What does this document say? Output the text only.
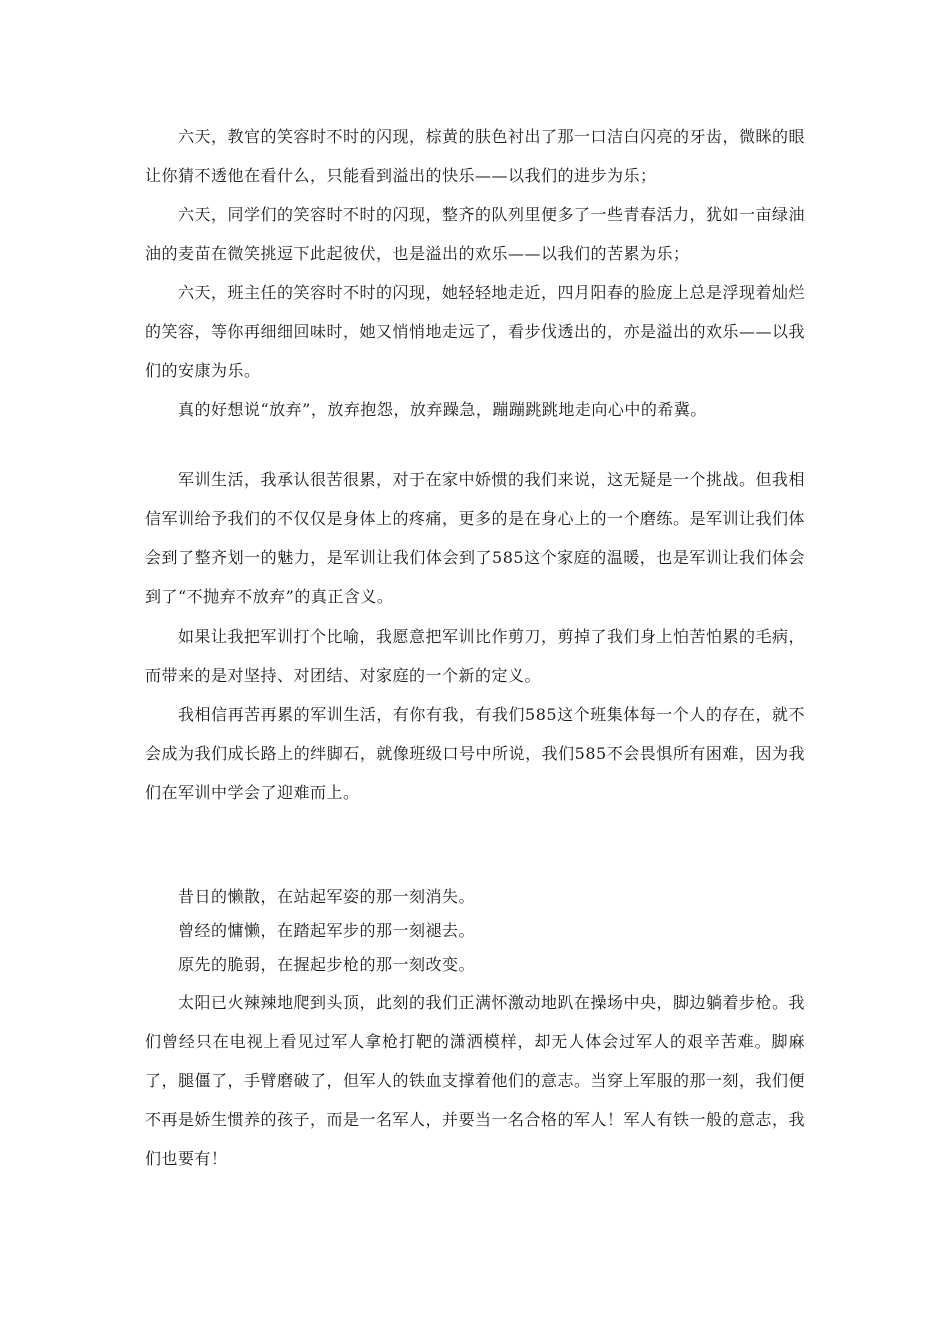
六天，教官的笑容时不时的闪现，棕黄的肤色衬出了那一口洁白闪亮的牙齿，微眯的眼让你猜不透他在看什么，只能看到溢出的快乐——以我们的进步为乐；

六天，同学们的笑容时不时的闪现，整齐的队列里便多了一些青春活力，犹如一亩绿油油的麦苗在微笑挑逗下此起彼伏，也是溢出的欢乐——以我们的苦累为乐；

六天，班主任的笑容时不时的闪现，她轻轻地走近，四月阳春的脸庞上总是浮现着灿烂的笑容，等你再细细回味时，她又悄悄地走远了，看步伐透出的，亦是溢出的欢乐——以我们的安康为乐。

真的好想说“放弃”，放弃抱怨，放弃躁急，蹦蹦跳跳地走向心中的希冀。

军训生活，我承认很苦很累，对于在家中娇惯的我们来说，这无疑是一个挑战。但我相信军训给予我们的不仅仅是身体上的疼痛，更多的是在身心上的一个磨练。是军训让我们体会到了整齐划一的魅力，是军训让我们体会到了585这个家庭的温暖，也是军训让我们体会到了“不抛弃不放弃”的真正含义。

如果让我把军训打个比喻，我愿意把军训比作剪刀，剪掉了我们身上怕苦怕累的毛病，而带来的是对坚持、对团结、对家庭的一个新的定义。

我相信再苦再累的军训生活，有你有我，有我们585这个班集体每一个人的存在，就不会成为我们成长路上的绊脚石，就像班级口号中所说，我们585不会畏惧所有困难，因为我们在军训中学会了迎难而上。

昔日的懒散，在站起军姿的那一刻消失。

曾经的慵懒，在踏起军步的那一刻褪去。

原先的脆弱，在握起步枪的那一刻改变。

太阳已火辣辣地爬到头顶，此刻的我们正满怀激动地趴在操场中央，脚边躺着步枪。我们曾经只在电视上看见过军人拿枪打靶的潇洒模样，却无人体会过军人的艰辛苦难。脚麻了，腿僵了，手臂磨破了，但军人的铁血支撑着他们的意志。当穿上军服的那一刻，我们便不再是娇生惯养的孩子，而是一名军人，并要当一名合格的军人！军人有铁一般的意志，我们也要有！
